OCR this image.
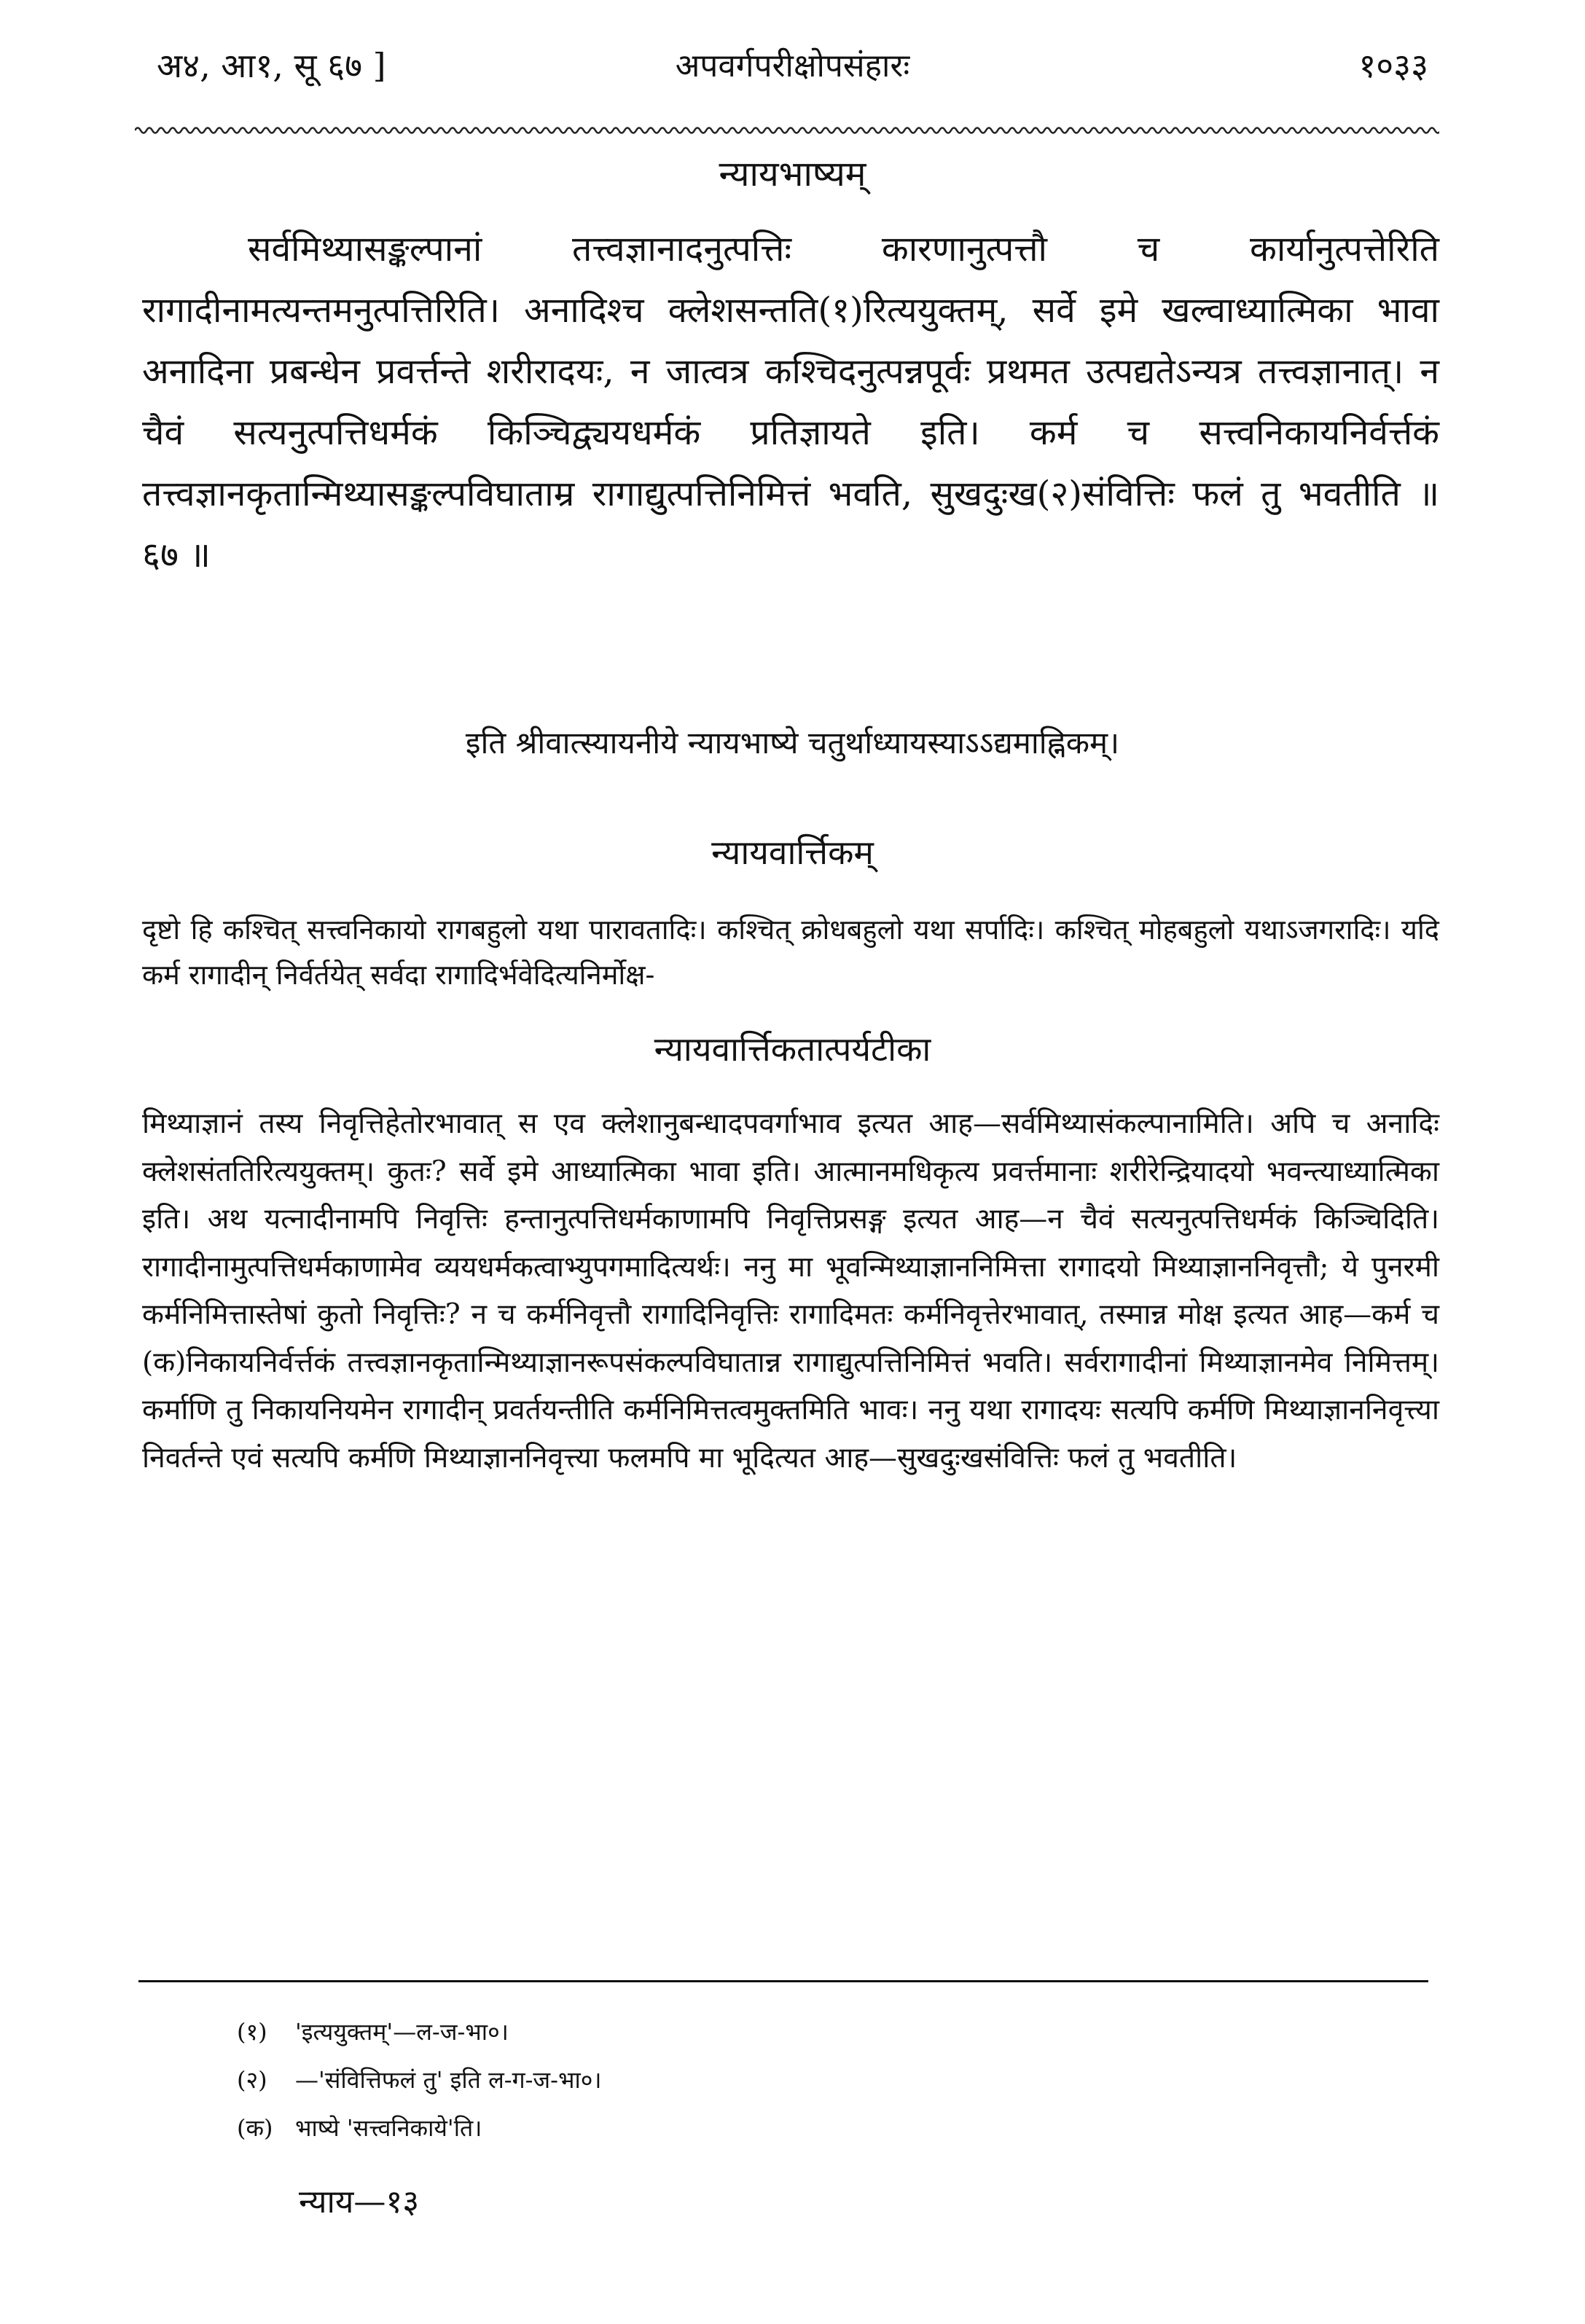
अ४, आ१, सू ६७ ]	अपवर्गपरीक्षोपसंहारः	१०३३
न्यायभाष्यम्
सर्वमिथ्यासङ्कल्पानां तत्त्वज्ञानादनुत्पत्तिः कारणानुत्पत्तौ च कार्यानुत्पत्तेरिति रागादीनामत्यन्तमनुत्पत्तिरिति। अनादिश्च क्लेशसन्तति(१)रित्ययुक्तम्, सर्वे इमे खल्वाध्यात्मिका भावा अनादिना प्रबन्धेन प्रवर्त्तन्ते शरीरादयः, न जात्वत्र कश्चिदनुत्पन्नपूर्वः प्रथमत उत्पद्यतेऽन्यत्र तत्त्वज्ञानात्। न चैवं सत्यनुत्पत्तिधर्मकं किञ्चिद्व्ययधर्मकं प्रतिज्ञायते इति। कर्म च सत्त्वनिकायनिर्वर्त्तकं तत्त्वज्ञानकृतान्मिथ्यासङ्कल्पविघाताम्र रागाद्युत्पत्तिनिमित्तं भवति, सुखदुःख(२)संवित्तिः फलं तु भवतीति ॥ ६७ ॥
इति श्रीवात्स्यायनीये न्यायभाष्ये चतुर्थाध्यायस्याऽऽद्यमाह्निकम्।
न्यायवार्त्तिकम्
दृष्टो हि कश्चित् सत्त्वनिकायो रागबहुलो यथा पारावतादिः। कश्चित् क्रोधबहुलो यथा सर्पादिः। कश्चित् मोहबहुलो यथाऽजगरादिः। यदि कर्म रागादीन् निर्वर्तयेत् सर्वदा रागादिर्भवेदित्यनिर्मोक्ष-
न्यायवार्त्तिकतात्पर्यटीका
मिथ्याज्ञानं तस्य निवृत्तिहेतोरभावात् स एव क्लेशानुबन्धादपवर्गाभाव इत्यत आह—सर्वमिथ्यासंकल्पानामिति। अपि च अनादिः क्लेशसंततिरित्ययुक्तम्। कुतः? सर्वे इमे आध्यात्मिका भावा इति। आत्मानमधिकृत्य प्रवर्त्तमानाः शरीरेन्द्रियादयो भवन्त्याध्यात्मिका इति। अथ यत्नादीनामपि निवृत्तिः हन्तानुत्पत्तिधर्मकाणामपि निवृत्तिप्रसङ्ग इत्यत आह—न चैवं सत्यनुत्पत्तिधर्मकं किञ्चिदिति। रागादीनामुत्पत्तिधर्मकाणामेव व्ययधर्मकत्वाभ्युपगमादित्यर्थः। ननु मा भूवन्मिथ्याज्ञाननिमित्ता रागादयो मिथ्याज्ञाननिवृत्तौ; ये पुनरमी कर्मनिमित्तास्तेषां कुतो निवृत्तिः? न च कर्मनिवृत्तौ रागादिनिवृत्तिः रागादिमतः कर्मनिवृत्तेरभावात्, तस्मान्न मोक्ष इत्यत आह—कर्म च (क)निकायनिर्वर्त्तकं तत्त्वज्ञानकृतान्मिथ्याज्ञानरूपसंकल्पविघातान्न रागाद्युत्पत्तिनिमित्तं भवति। सर्वरागादीनां मिथ्याज्ञानमेव निमित्तम्। कर्माणि तु निकायनियमेन रागादीन् प्रवर्तयन्तीति कर्मनिमित्तत्वमुक्तमिति भावः। ननु यथा रागादयः सत्यपि कर्मणि मिथ्याज्ञाननिवृत्त्या निवर्तन्ते एवं सत्यपि कर्मणि मिथ्याज्ञाननिवृत्त्या फलमपि मा भूदित्यत आह—सुखदुःखसंवित्तिः फलं तु भवतीति।
(१)	'इत्ययुक्तम्'—ल-ज-भा०।
(२)	—'संवित्तिफलं तु' इति ल-ग-ज-भा०।
(क) भाष्ये 'सत्त्वनिकाये'ति।
न्याय—१३
